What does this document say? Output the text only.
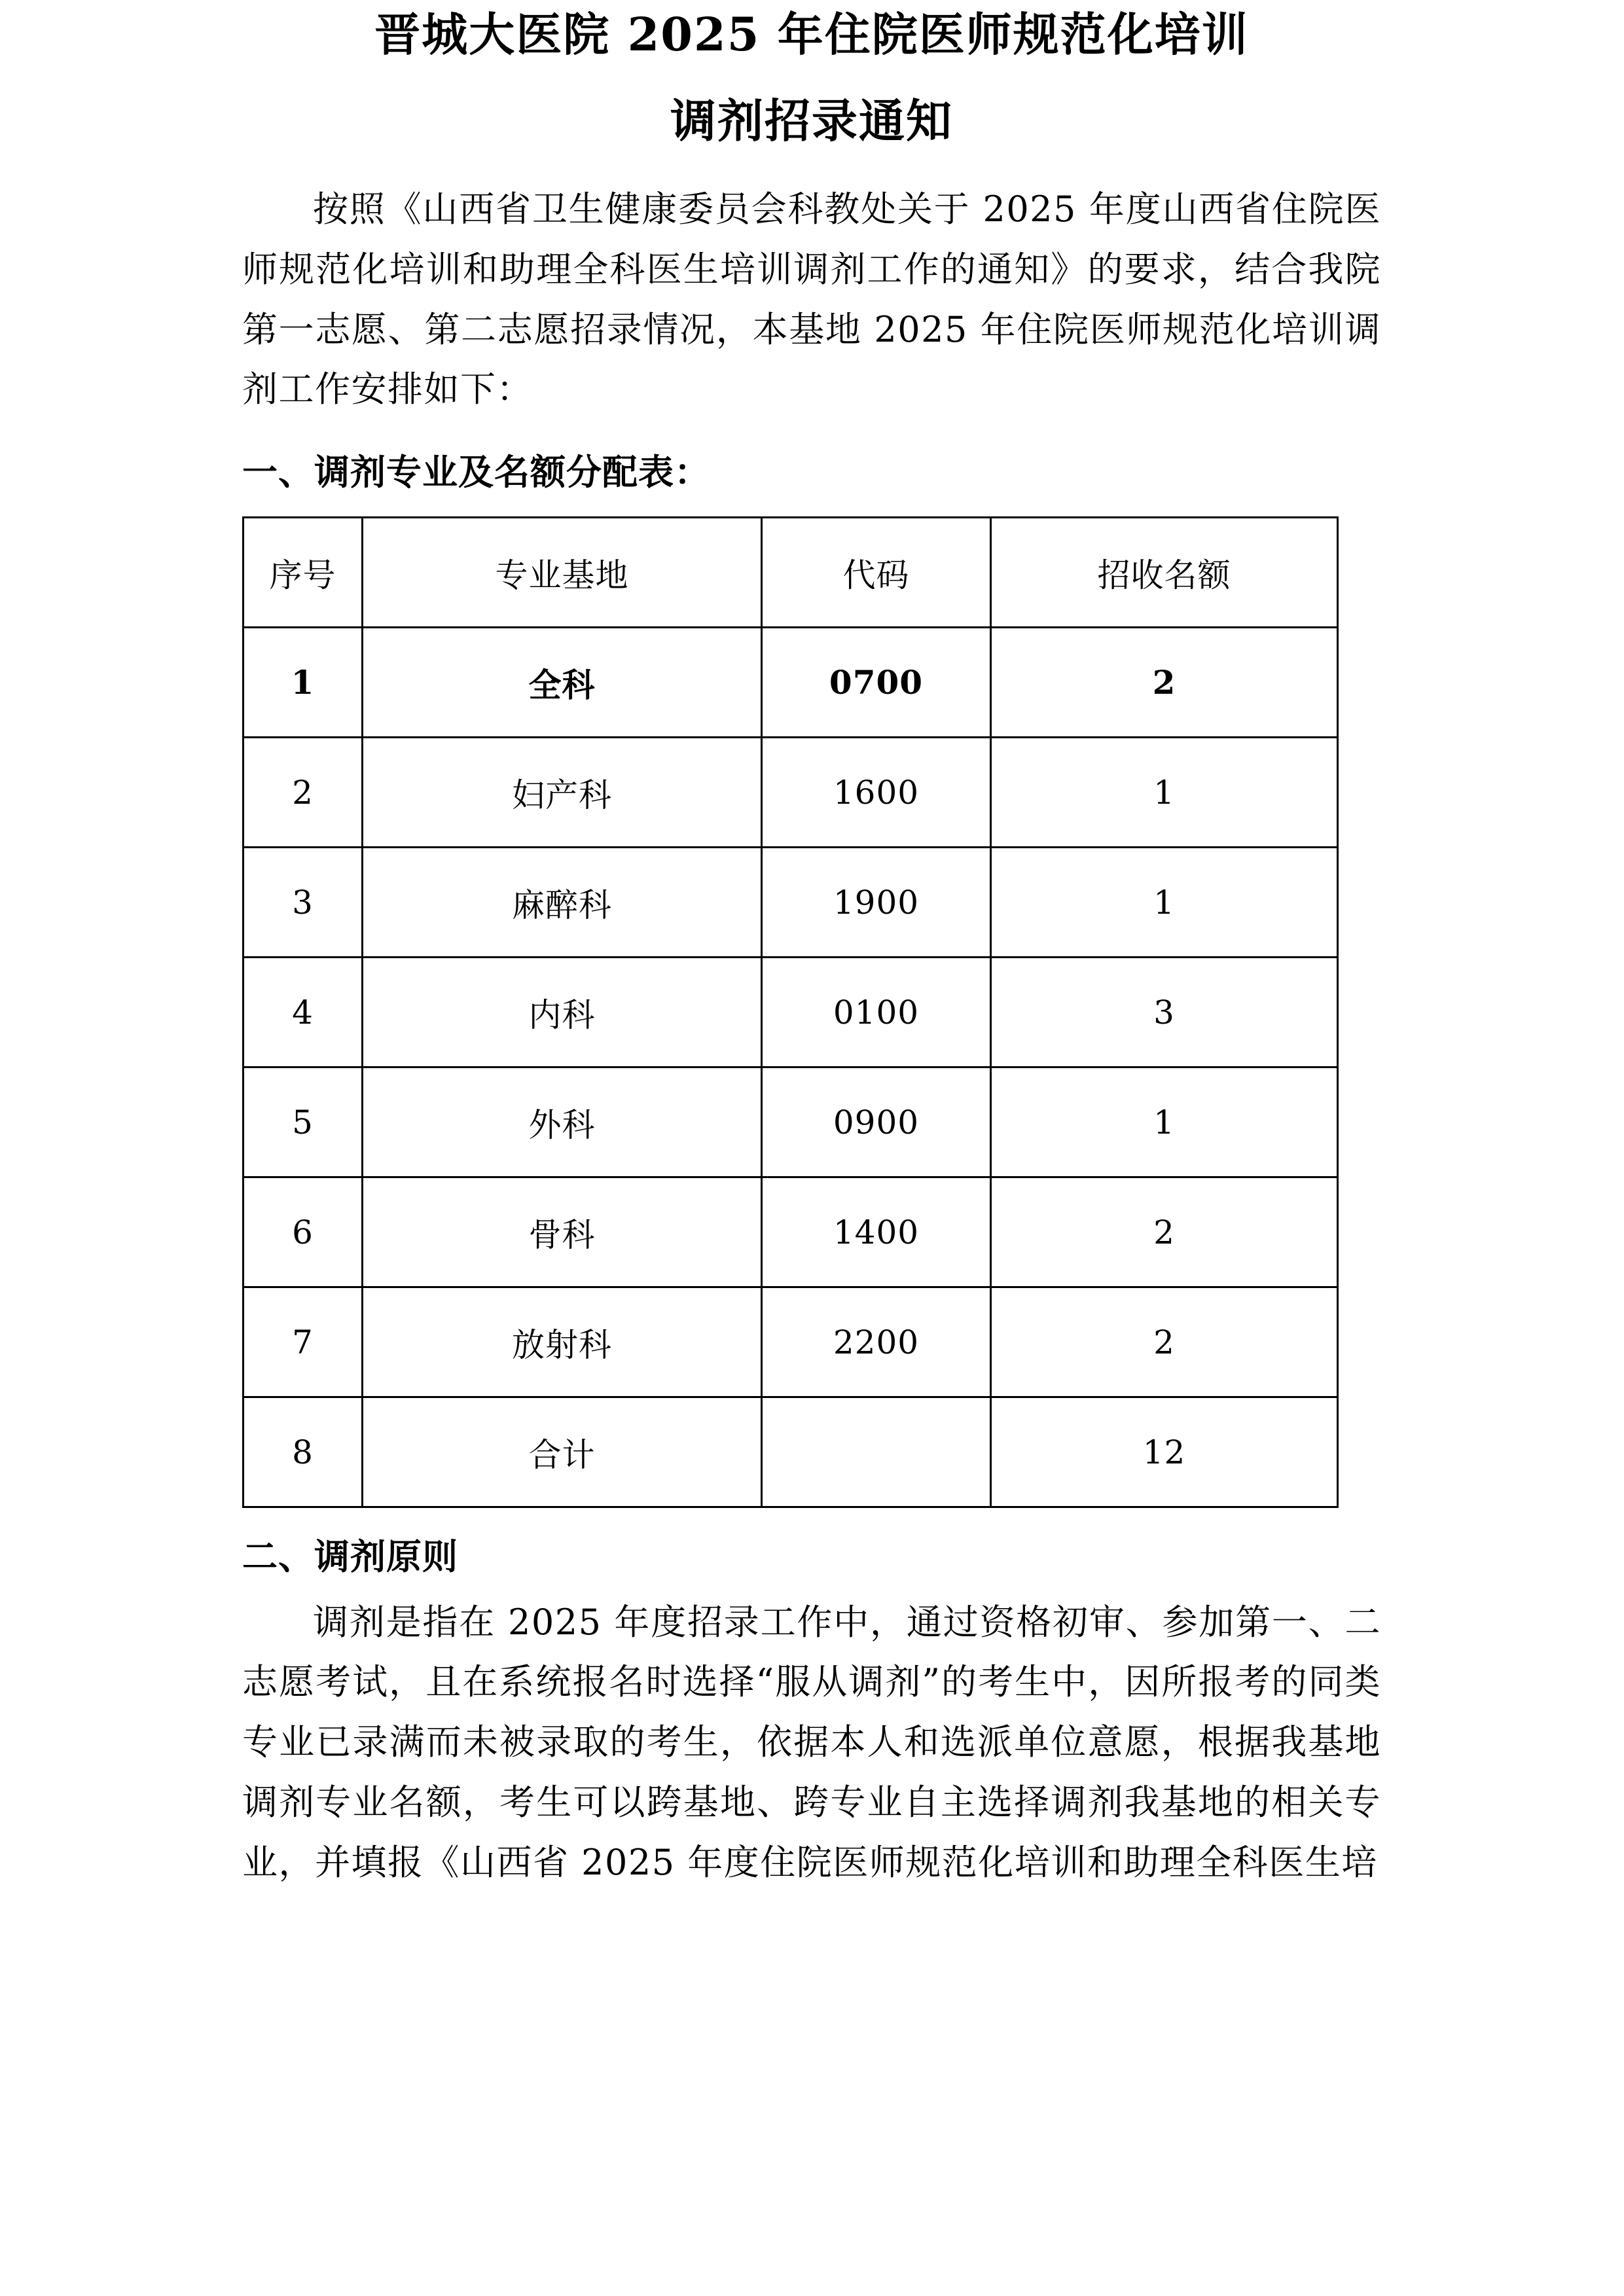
晋城大医院 2025 年住院医师规范化培训
调剂招录通知

按照《山西省卫生健康委员会科教处关于 2025 年度山西省住院医师规范化培训和助理全科医生培训调剂工作的通知》的要求，结合我院第一志愿、第二志愿招录情况，本基地 2025 年住院医师规范化培训调剂工作安排如下：

一、调剂专业及名额分配表：
序号	专业基地	代码	招收名额
1	全科	0700	2
2	妇产科	1600	1
3	麻醉科	1900	1
4	内科	0100	3
5	外科	0900	1
6	骨科	1400	2
7	放射科	2200	2
8	合计		12
二、调剂原则

调剂是指在 2025 年度招录工作中，通过资格初审、参加第一、二志愿考试，且在系统报名时选择“服从调剂”的考生中，因所报考的同类专业已录满而未被录取的考生，依据本人和选派单位意愿，根据我基地调剂专业名额，考生可以跨基地、跨专业自主选择调剂我基地的相关专业，并填报《山西省 2025 年度住院医师规范化培训和助理全科医生培
